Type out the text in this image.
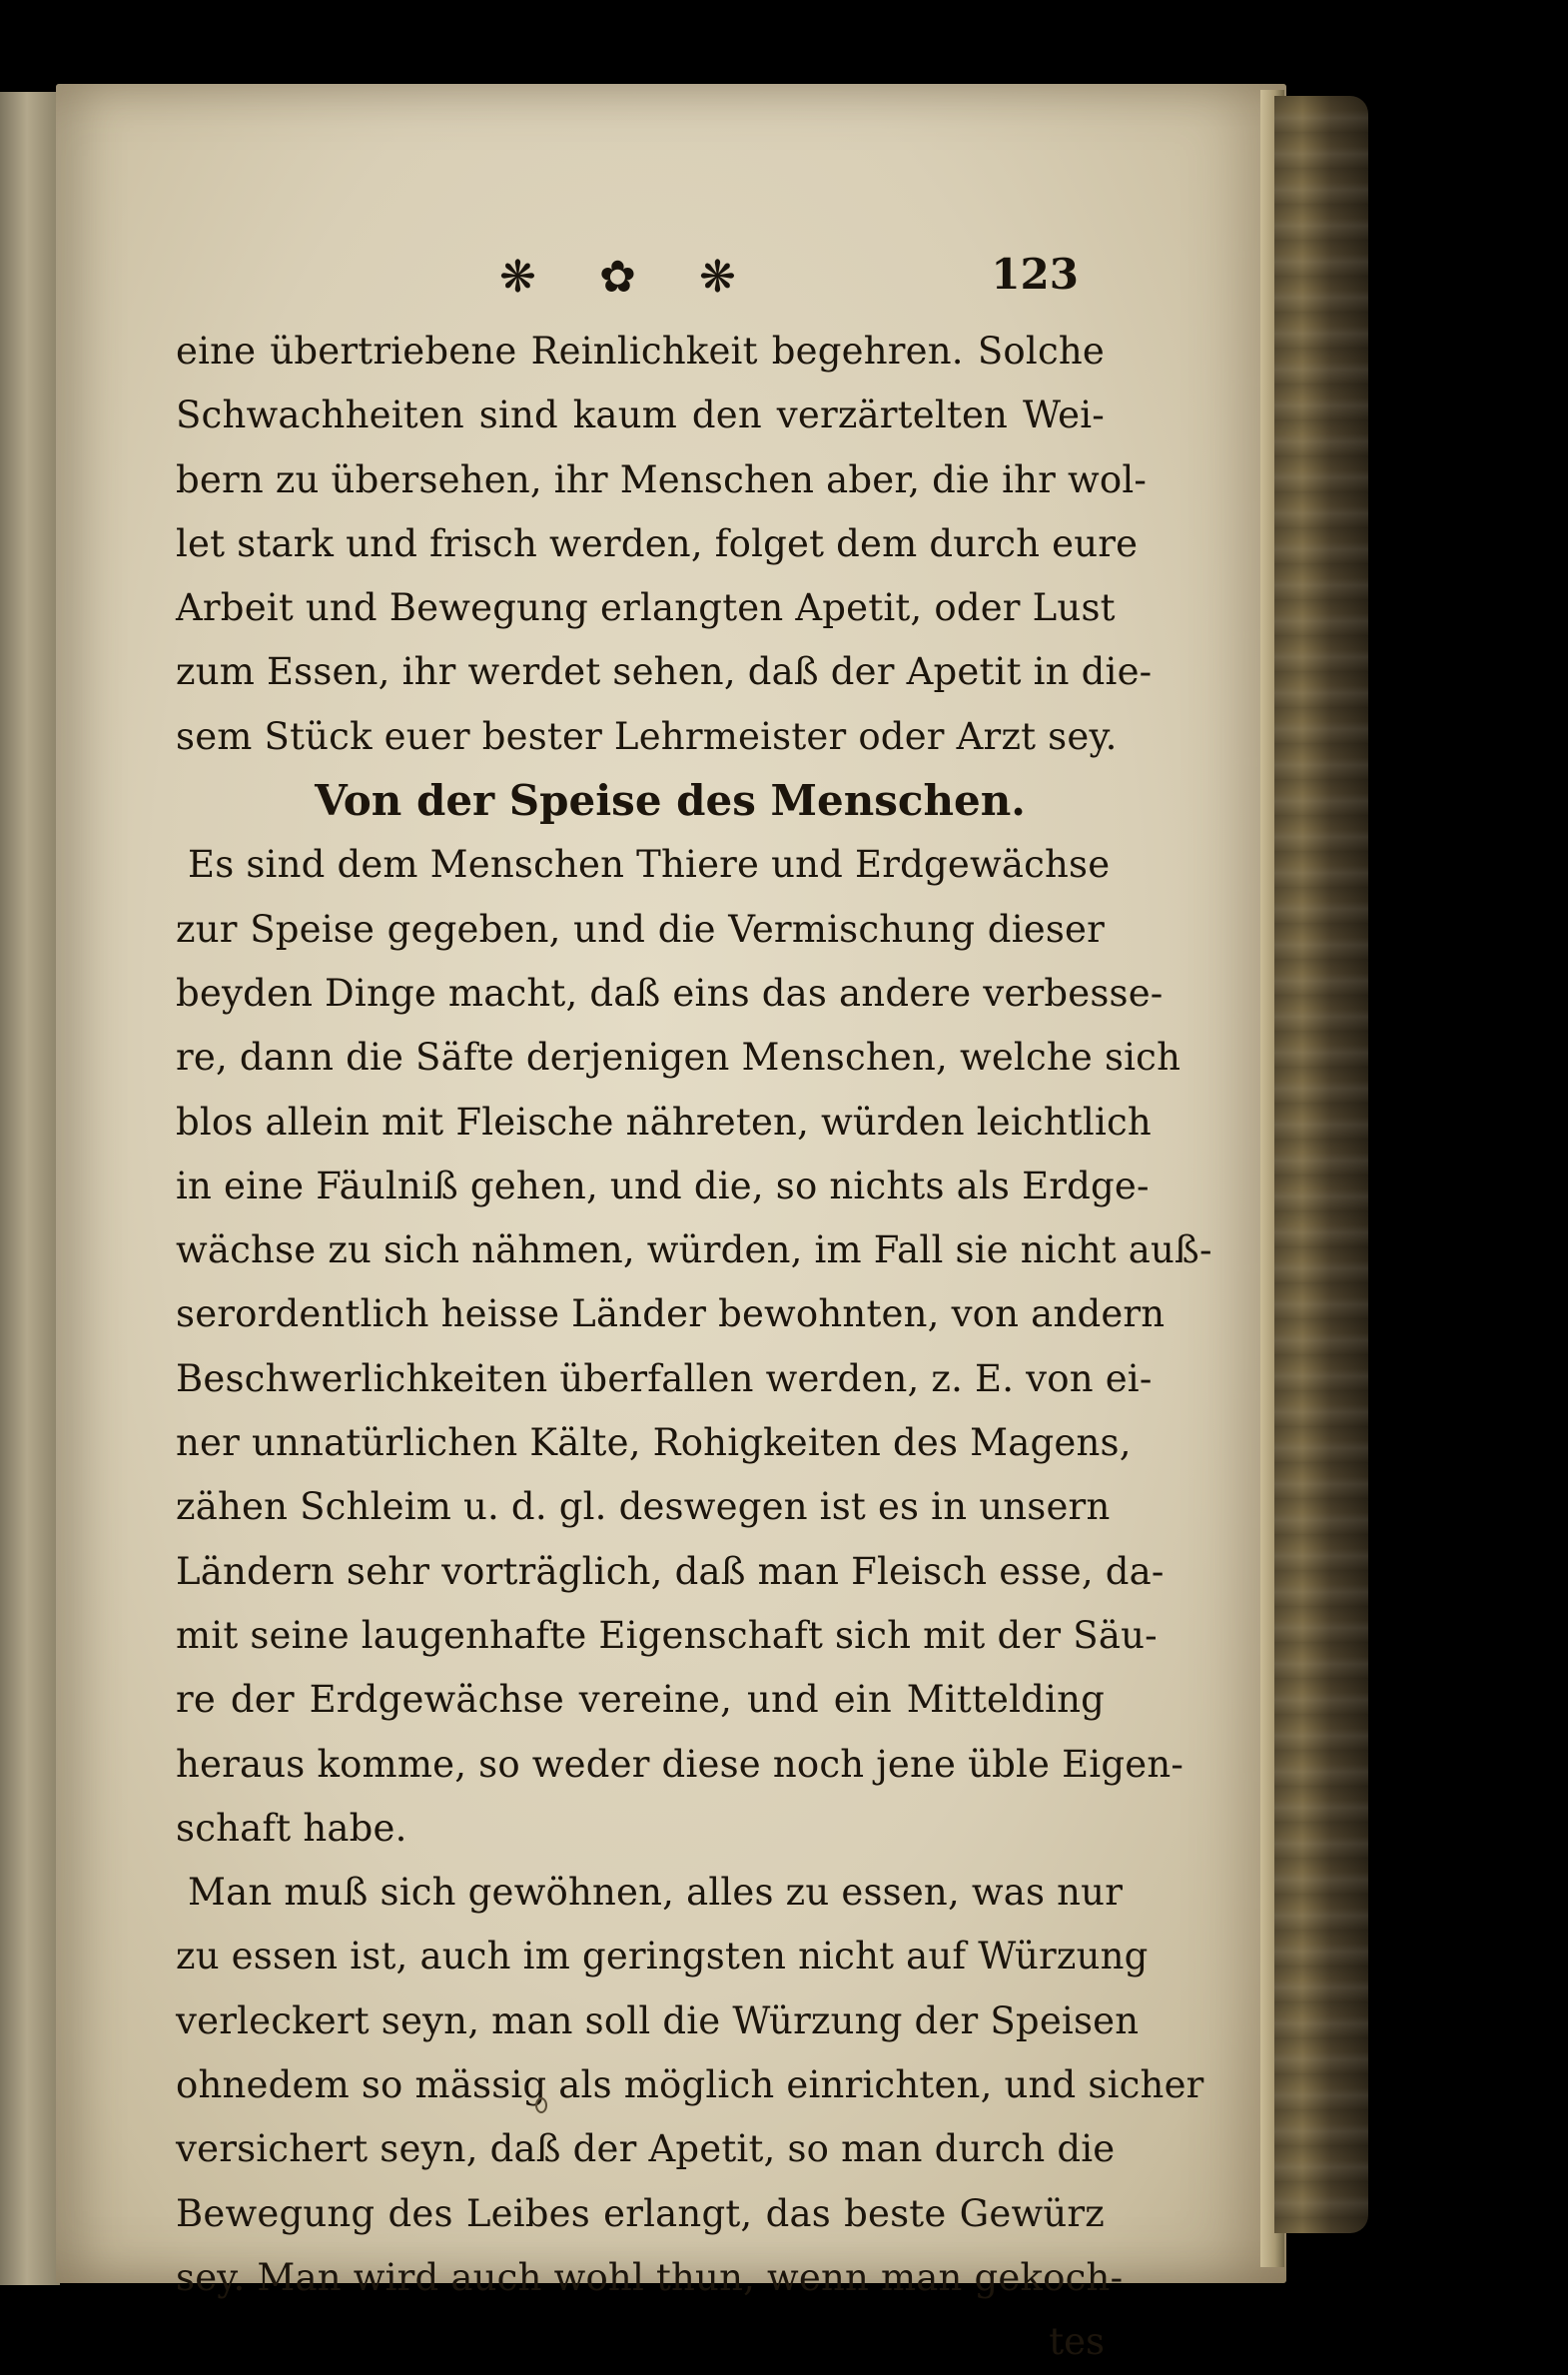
❋ ✿ ❋	123
eine übertriebene Reinlichkeit begehren. Solche
Schwachheiten sind kaum den verzärtelten Wei-
bern zu übersehen, ihr Menschen aber, die ihr wol-
let stark und frisch werden, folget dem durch eure
Arbeit und Bewegung erlangten Apetit, oder Lust
zum Essen, ihr werdet sehen, daß der Apetit in die-
sem Stück euer bester Lehrmeister oder Arzt sey.
Von der Speise des Menschen.
Es sind dem Menschen Thiere und Erdgewächse
zur Speise gegeben, und die Vermischung dieser
beyden Dinge macht, daß eins das andere verbesse-
re, dann die Säfte derjenigen Menschen, welche sich
blos allein mit Fleische nähreten, würden leichtlich
in eine Fäulniß gehen, und die, so nichts als Erdge-
wächse zu sich nähmen, würden, im Fall sie nicht auß-
serordentlich heisse Länder bewohnten, von andern
Beschwerlichkeiten überfallen werden, z. E. von ei-
ner unnatürlichen Kälte, Rohigkeiten des Magens,
zähen Schleim u. d. gl. deswegen ist es in unsern
Ländern sehr vorträglich, daß man Fleisch esse, da-
mit seine laugenhafte Eigenschaft sich mit der Säu-
re der Erdgewächse vereine, und ein Mittelding
heraus komme, so weder diese noch jene üble Eigen-
schaft habe.
Man muß sich gewöhnen, alles zu essen, was nur
zu essen ist, auch im geringsten nicht auf Würzung
verleckert seyn, man soll die Würzung der Speisen
ohnedem so mässig als möglich einrichten, und sicher
versichert seyn, daß der Apetit, so man durch die
Bewegung des Leibes erlangt, das beste Gewürz
sey. Man wird auch wohl thun, wenn man gekoch-
tes
